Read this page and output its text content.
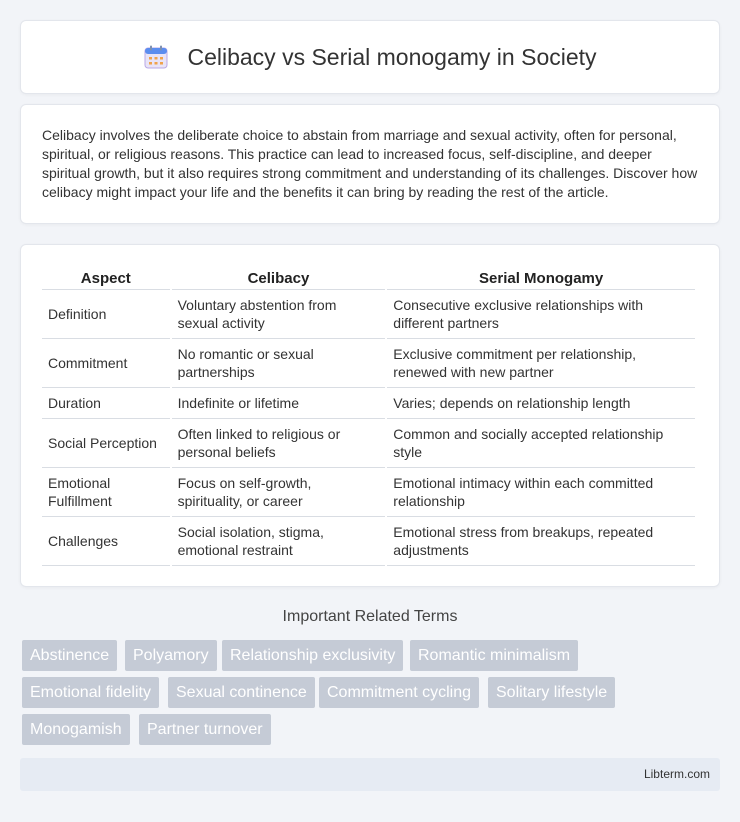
Celibacy vs Serial monogamy in Society

Celibacy involves the deliberate choice to abstain from marriage and sexual activity, often for personal, spiritual, or religious reasons. This practice can lead to increased focus, self-discipline, and deeper spiritual growth, but it also requires strong commitment and understanding of its challenges. Discover how celibacy might impact your life and the benefits it can bring by reading the rest of the article.

Aspect	Celibacy	Serial Monogamy
Definition	Voluntary abstention from sexual activity	Consecutive exclusive relationships with different partners
Commitment	No romantic or sexual partnerships	Exclusive commitment per relationship, renewed with new partner
Duration	Indefinite or lifetime	Varies; depends on relationship length
Social Perception	Often linked to religious or personal beliefs	Common and socially accepted relationship style
Emotional Fulfillment	Focus on self-growth, spirituality, or career	Emotional intimacy within each committed relationship
Challenges	Social isolation, stigma, emotional restraint	Emotional stress from breakups, repeated adjustments
Important Related Terms
Abstinence	Polyamory	Relationship exclusivity	Romantic minimalism
Emotional fidelity	Sexual continence	Commitment cycling	Solitary lifestyle
Monogamish	Partner turnover
Libterm.com
